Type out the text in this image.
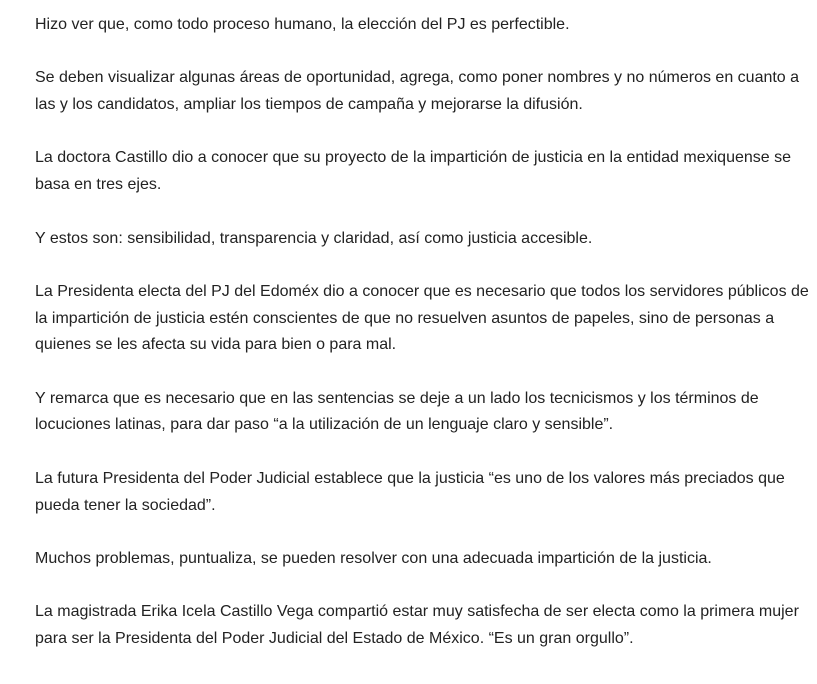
Hizo ver que, como todo proceso humano, la elección del PJ es perfectible.

Se deben visualizar algunas áreas de oportunidad, agrega, como poner nombres y no números en cuanto a las y los candidatos, ampliar los tiempos de campaña y mejorarse la difusión.

La doctora Castillo dio a conocer que su proyecto de la impartición de justicia en la entidad mexiquense se basa en tres ejes.

Y estos son: sensibilidad, transparencia y claridad, así como justicia accesible.

La Presidenta electa del PJ del Edoméx dio a conocer que es necesario que todos los servidores públicos de la impartición de justicia estén conscientes de que no resuelven asuntos de papeles, sino de personas a quienes se les afecta su vida para bien o para mal.

Y remarca que es necesario que en las sentencias se deje a un lado los tecnicismos y los términos de locuciones latinas, para dar paso “a la utilización de un lenguaje claro y sensible”.

La futura Presidenta del Poder Judicial establece que la justicia “es uno de los valores más preciados que pueda tener la sociedad”.

Muchos problemas, puntualiza, se pueden resolver con una adecuada impartición de la justicia.

La magistrada Erika Icela Castillo Vega compartió estar muy satisfecha de ser electa como la primera mujer para ser la Presidenta del Poder Judicial del Estado de México. “Es un gran orgullo”.
